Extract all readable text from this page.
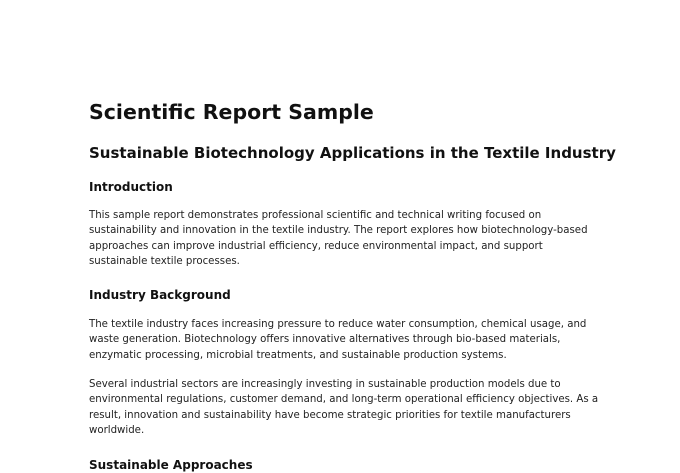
Scientific Report Sample
Sustainable Biotechnology Applications in the Textile Industry
Introduction

This sample report demonstrates professional scientific and technical writing focused on sustainability and innovation in the textile industry. The report explores how biotechnology-based approaches can improve industrial efficiency, reduce environmental impact, and support sustainable textile processes.

Industry Background

The textile industry faces increasing pressure to reduce water consumption, chemical usage, and waste generation. Biotechnology offers innovative alternatives through bio-based materials, enzymatic processing, microbial treatments, and sustainable production systems.

Several industrial sectors are increasingly investing in sustainable production models due to environmental regulations, customer demand, and long-term operational efficiency objectives. As a result, innovation and sustainability have become strategic priorities for textile manufacturers worldwide.

Sustainable Approaches
